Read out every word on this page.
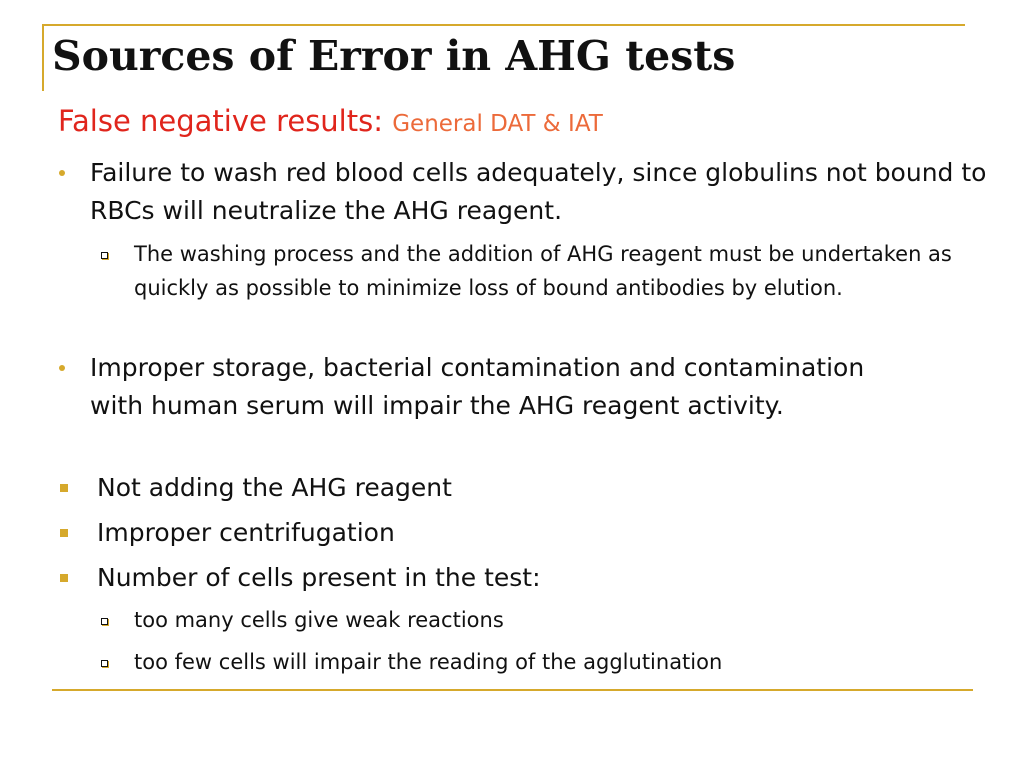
Sources of Error in AHG tests
False negative results: General DAT & IAT
Failure to wash red blood cells adequately, since globulins not bound to RBCs will neutralize the AHG reagent.
The washing process and the addition of AHG reagent must be undertaken as quickly as possible to minimize loss of bound antibodies by elution.
Improper storage, bacterial contamination and contamination with human serum will impair the AHG reagent activity.
Not adding the AHG reagent
Improper centrifugation
Number of cells present in the test:
too many cells give weak reactions
too few cells will impair the reading of the agglutination
